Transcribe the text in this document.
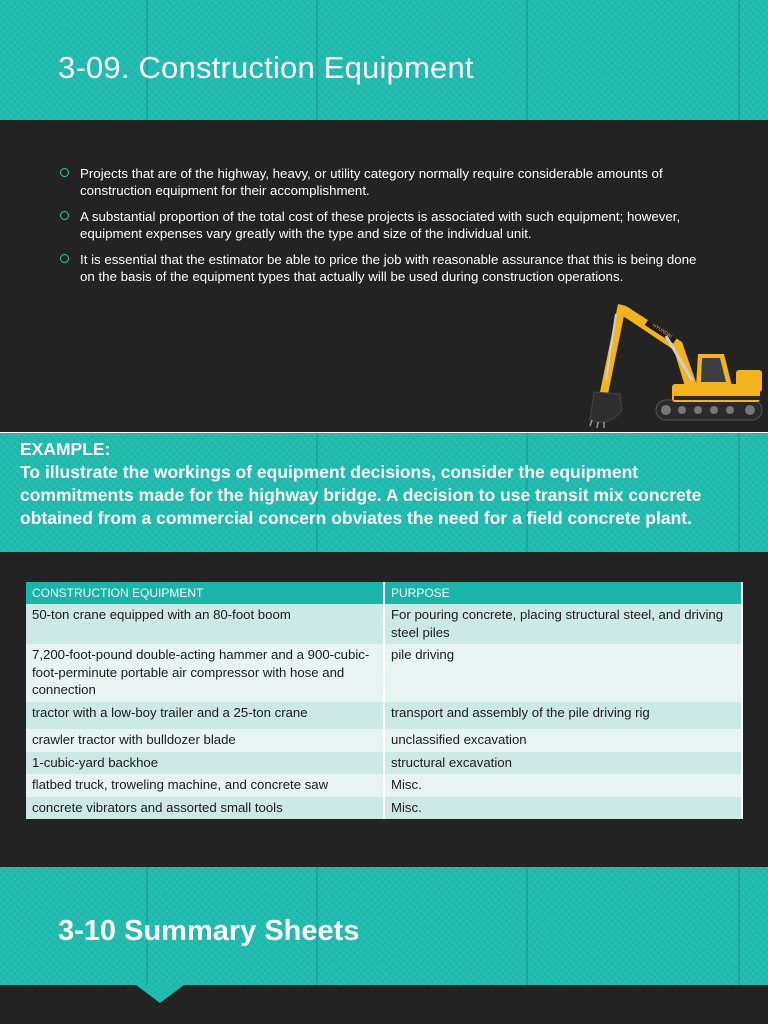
3-09. Construction Equipment
Projects that are of the highway, heavy, or utility category normally require considerable amounts of construction equipment for their accomplishment.
A substantial proportion of the total cost of these projects is associated with such equipment; however, equipment expenses vary greatly with the type and size of the individual unit.
It is essential that the estimator be able to price the job with reasonable assurance that this is being done on the basis of the equipment types that actually will be used during construction operations.
HYUNDAI
EXAMPLE:
To illustrate the workings of equipment decisions, consider the equipment commitments made for the highway bridge. A decision to use transit mix concrete obtained from a commercial concern obviates the need for a field concrete plant.
CONSTRUCTION EQUIPMENT	PURPOSE
50-ton crane equipped with an 80-foot boom	For pouring concrete, placing structural steel, and driving steel piles
7,200-foot-pound double-acting hammer and a 900-cubic-foot-perminute portable air compressor with hose and connection	pile driving
tractor with a low-boy trailer and a 25-ton crane	transport and assembly of the pile driving rig
crawler tractor with bulldozer blade	unclassified excavation
1-cubic-yard backhoe	structural excavation
flatbed truck, troweling machine, and concrete saw	Misc.
concrete vibrators and assorted small tools	Misc.
3-10 Summary Sheets
